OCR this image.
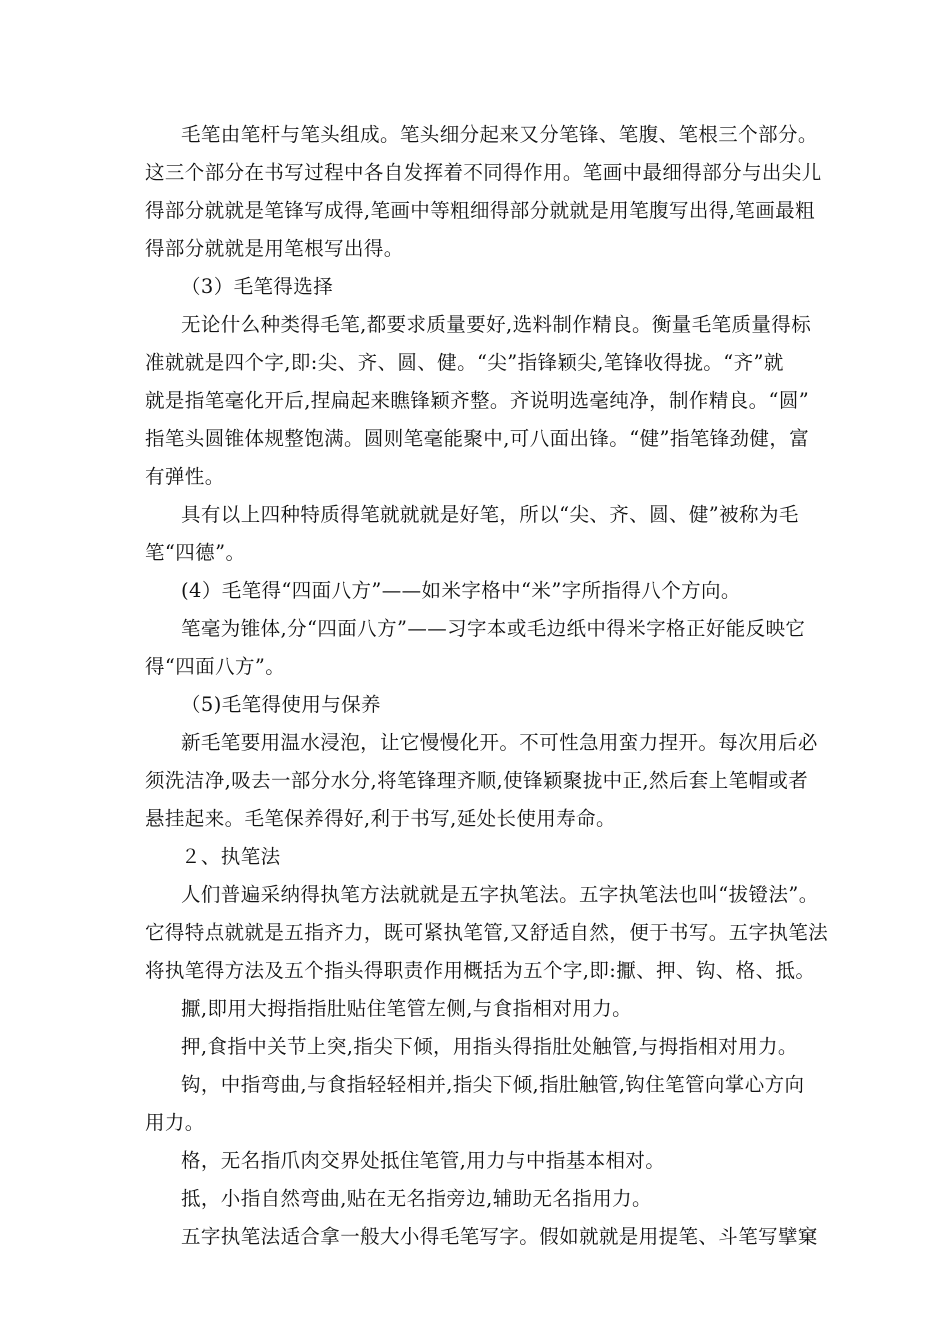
毛笔由笔杆与笔头组成。笔头细分起来又分笔锋、笔腹、笔根三个部分。
这三个部分在书写过程中各自发挥着不同得作用。笔画中最细得部分与出尖儿
得部分就就是笔锋写成得,笔画中等粗细得部分就就是用笔腹写出得,笔画最粗
得部分就就是用笔根写出得。
（3）毛笔得选择
无论什么种类得毛笔,都要求质量要好,选料制作精良。衡量毛笔质量得标
准就就是四个字,即:尖、齐、圆、健。“尖”指锋颖尖,笔锋收得拢。“齐”就
就是指笔毫化开后,捏扁起来瞧锋颖齐整。齐说明选毫纯净，制作精良。“圆”
指笔头圆锥体规整饱满。圆则笔毫能聚中,可八面出锋。“健”指笔锋劲健，富
有弹性。
具有以上四种特质得笔就就就是好笔，所以“尖、齐、圆、健”被称为毛
笔“四德”。
(4）毛笔得“四面八方”——如米字格中“米”字所指得八个方向。
笔毫为锥体,分“四面八方”——习字本或毛边纸中得米字格正好能反映它
得“四面八方”。
（5)毛笔得使用与保养
新毛笔要用温水浸泡，让它慢慢化开。不可性急用蛮力捏开。每次用后必
须洗洁净,吸去一部分水分,将笔锋理齐顺,使锋颖聚拢中正,然后套上笔帽或者
悬挂起来。毛笔保养得好,利于书写,延处长使用寿命。
２、执笔法
人们普遍采纳得执笔方法就就是五字执笔法。五字执笔法也叫“拔镫法”。
它得特点就就是五指齐力，既可紧执笔管,又舒适自然，便于书写。五字执笔法
将执笔得方法及五个指头得职责作用概括为五个字,即:擫、押、钩、格、抵。
擫,即用大拇指指肚贴住笔管左侧,与食指相对用力。
押,食指中关节上突,指尖下倾，用指头得指肚处触管,与拇指相对用力。
钩，中指弯曲,与食指轻轻相并,指尖下倾,指肚触管,钩住笔管向掌心方向
用力。
格，无名指爪肉交界处抵住笔管,用力与中指基本相对。
抵，小指自然弯曲,贴在无名指旁边,辅助无名指用力。
五字执笔法适合拿一般大小得毛笔写字。假如就就是用提笔、斗笔写擘窠
